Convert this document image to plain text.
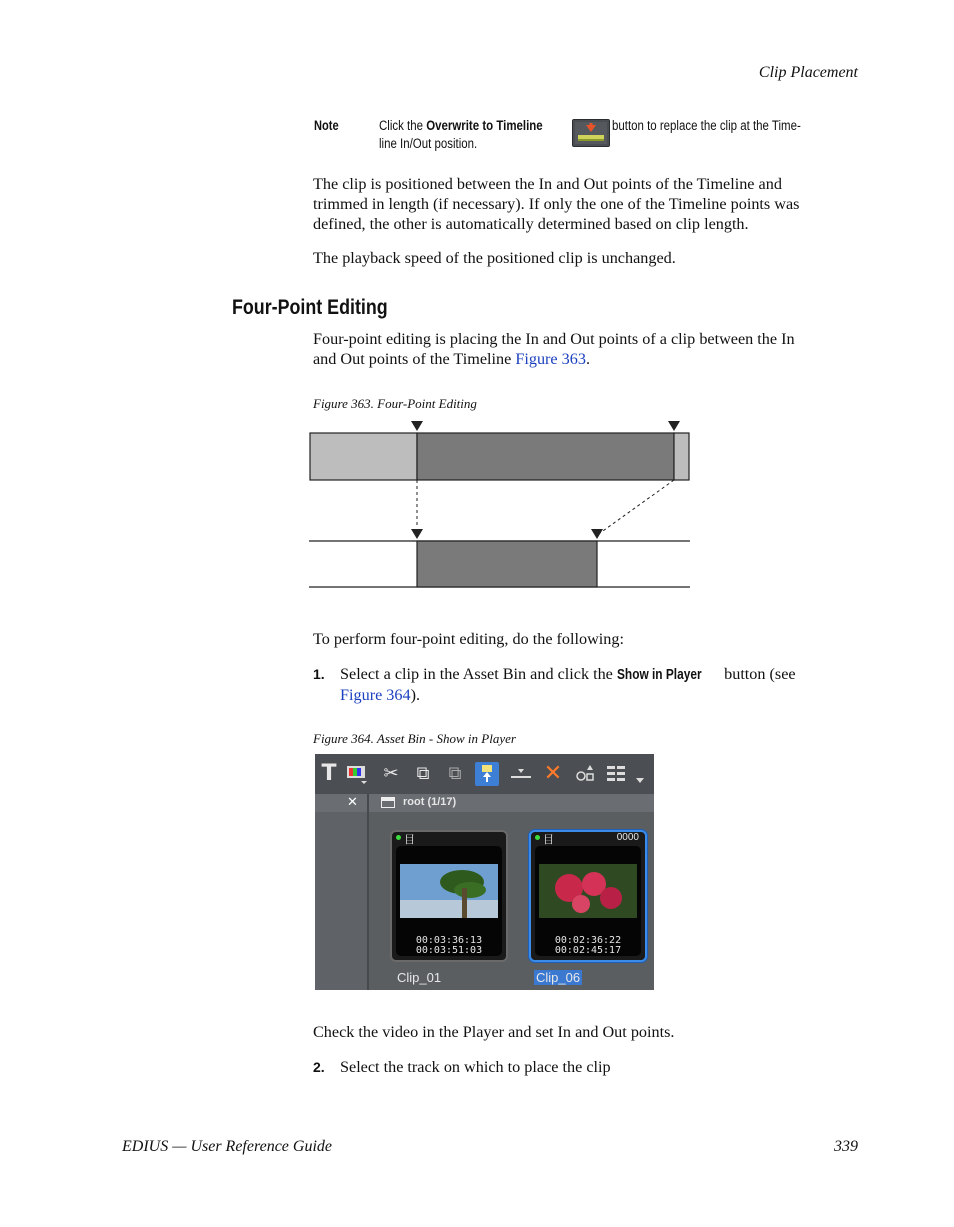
Clip Placement
Note	Click the Overwrite to Timeline
line In/Out position.
button to replace the clip at the Time-
The clip is positioned between the In and Out points of the Timeline and
trimmed in length (if necessary). If only the one of the Timeline points was
defined, the other is automatically determined based on clip length.
The playback speed of the positioned clip is unchanged.
Four-Point Editing
Four-point editing is placing the In and Out points of a clip between the In
and Out points of the Timeline Figure 363.
Figure 363. Four-Point Editing
To perform four-point editing, do the following:
1. Select a clip in the Asset Bin and click the Show in Player button (see
Figure 364).
Figure 364. Asset Bin - Show in Player
T	✂	⧉	⧉	✕
✕	root (1/17)
目
00:03:36:13
00:03:51:03
Clip_01
目	0000
00:02:36:22
00:02:45:17
Clip_06
Check the video in the Player and set In and Out points.
2. Select the track on which to place the clip
EDIUS — User Reference Guide	339
